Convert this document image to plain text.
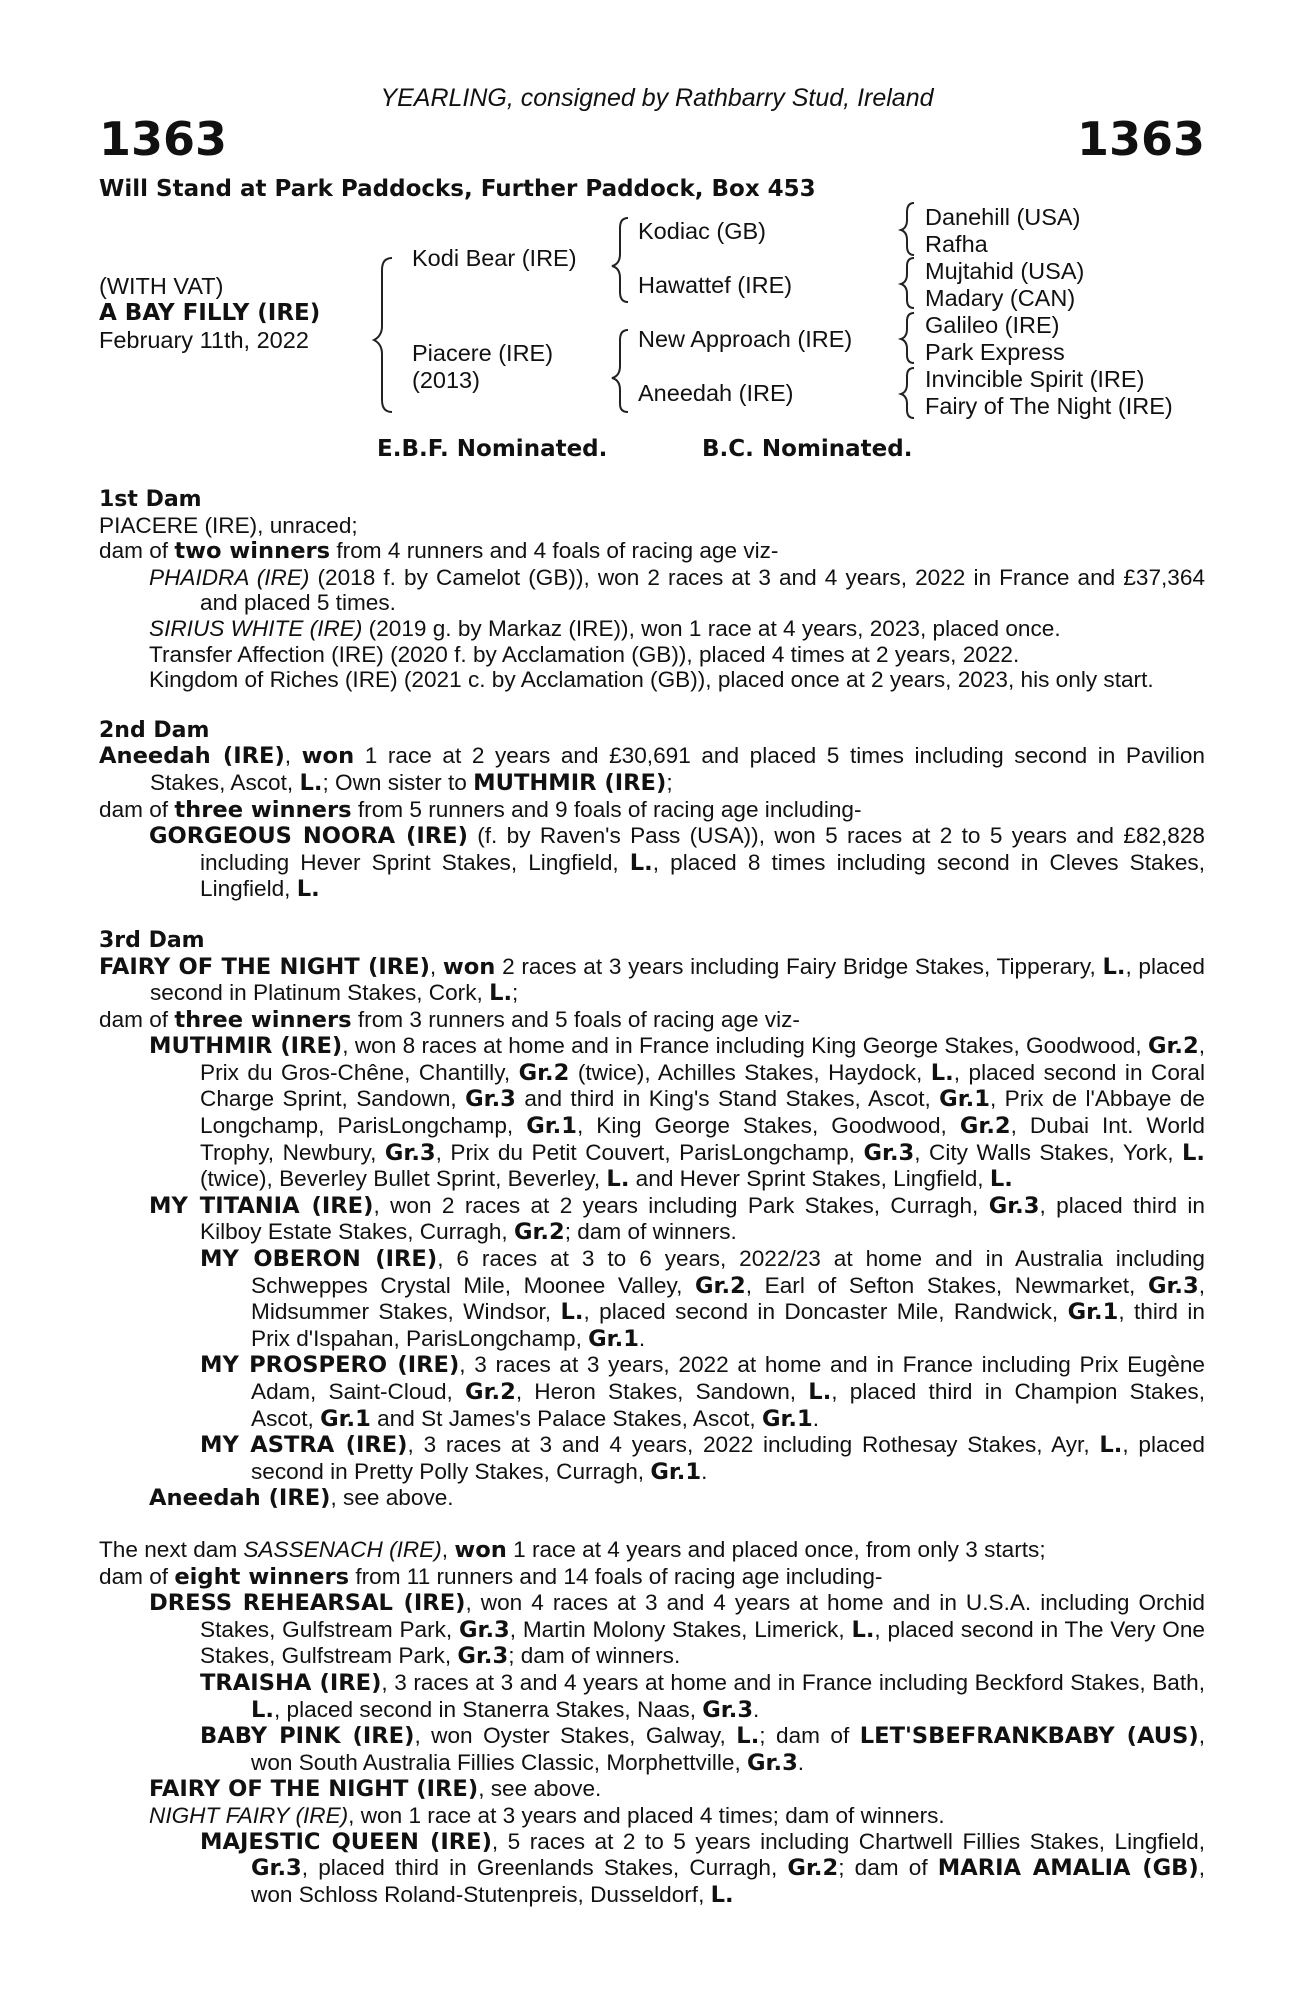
YEARLING, consigned by Rathbarry Stud, Ireland
1363	1363
Will Stand at Park Paddocks, Further Paddock, Box 453
(WITH VAT)
A BAY FILLY (IRE)
February 11th, 2022
Kodi Bear (IRE)
Piacere (IRE)
(2013)
Kodiac (GB)
Hawattef (IRE)
New Approach (IRE)
Aneedah (IRE)
Danehill (USA)
Rafha
Mujtahid (USA)
Madary (CAN)
Galileo (IRE)
Park Express
Invincible Spirit (IRE)
Fairy of The Night (IRE)
E.B.F. Nominated.	B.C. Nominated.
1st Dam

PIACERE (IRE), unraced;

dam of two winners from 4 runners and 4 foals of racing age viz-

PHAIDRA (IRE) (2018 f. by Camelot (GB)), won 2 races at 3 and 4 years, 2022 in France and £37,364 and placed 5 times.

SIRIUS WHITE (IRE) (2019 g. by Markaz (IRE)), won 1 race at 4 years, 2023, placed once.

Transfer Affection (IRE) (2020 f. by Acclamation (GB)), placed 4 times at 2 years, 2022.

Kingdom of Riches (IRE) (2021 c. by Acclamation (GB)), placed once at 2 years, 2023, his only start.

2nd Dam

Aneedah (IRE), won 1 race at 2 years and £30,691 and placed 5 times including second in Pavilion Stakes, Ascot, L.; Own sister to MUTHMIR (IRE);

dam of three winners from 5 runners and 9 foals of racing age including-

GORGEOUS NOORA (IRE) (f. by Raven's Pass (USA)), won 5 races at 2 to 5 years and £82,828 including Hever Sprint Stakes, Lingfield, L., placed 8 times including second in Cleves Stakes, Lingfield, L.

3rd Dam

FAIRY OF THE NIGHT (IRE), won 2 races at 3 years including Fairy Bridge Stakes, Tipperary, L., placed second in Platinum Stakes, Cork, L.;

dam of three winners from 3 runners and 5 foals of racing age viz-

MUTHMIR (IRE), won 8 races at home and in France including King George Stakes, Goodwood, Gr.2, Prix du Gros-Chêne, Chantilly, Gr.2 (twice), Achilles Stakes, Haydock, L., placed second in Coral Charge Sprint, Sandown, Gr.3 and third in King's Stand Stakes, Ascot, Gr.1, Prix de l'Abbaye de Longchamp, ParisLongchamp, Gr.1, King George Stakes, Goodwood, Gr.2, Dubai Int. World Trophy, Newbury, Gr.3, Prix du Petit Couvert, ParisLongchamp, Gr.3, City Walls Stakes, York, L. (twice), Beverley Bullet Sprint, Beverley, L. and Hever Sprint Stakes, Lingfield, L.

MY TITANIA (IRE), won 2 races at 2 years including Park Stakes, Curragh, Gr.3, placed third in Kilboy Estate Stakes, Curragh, Gr.2; dam of winners.

MY OBERON (IRE), 6 races at 3 to 6 years, 2022/23 at home and in Australia including Schweppes Crystal Mile, Moonee Valley, Gr.2, Earl of Sefton Stakes, Newmarket, Gr.3, Midsummer Stakes, Windsor, L., placed second in Doncaster Mile, Randwick, Gr.1, third in Prix d'Ispahan, ParisLongchamp, Gr.1.

MY PROSPERO (IRE), 3 races at 3 years, 2022 at home and in France including Prix Eugène Adam, Saint-Cloud, Gr.2, Heron Stakes, Sandown, L., placed third in Champion Stakes, Ascot, Gr.1 and St James's Palace Stakes, Ascot, Gr.1.

MY ASTRA (IRE), 3 races at 3 and 4 years, 2022 including Rothesay Stakes, Ayr, L., placed second in Pretty Polly Stakes, Curragh, Gr.1.

Aneedah (IRE), see above.

The next dam SASSENACH (IRE), won 1 race at 4 years and placed once, from only 3 starts;

dam of eight winners from 11 runners and 14 foals of racing age including-

DRESS REHEARSAL (IRE), won 4 races at 3 and 4 years at home and in U.S.A. including Orchid Stakes, Gulfstream Park, Gr.3, Martin Molony Stakes, Limerick, L., placed second in The Very One Stakes, Gulfstream Park, Gr.3; dam of winners.

TRAISHA (IRE), 3 races at 3 and 4 years at home and in France including Beckford Stakes, Bath, L., placed second in Stanerra Stakes, Naas, Gr.3.

BABY PINK (IRE), won Oyster Stakes, Galway, L.; dam of LET'SBEFRANKBABY (AUS), won South Australia Fillies Classic, Morphettville, Gr.3.

FAIRY OF THE NIGHT (IRE), see above.

NIGHT FAIRY (IRE), won 1 race at 3 years and placed 4 times; dam of winners.

MAJESTIC QUEEN (IRE), 5 races at 2 to 5 years including Chartwell Fillies Stakes, Lingfield, Gr.3, placed third in Greenlands Stakes, Curragh, Gr.2; dam of MARIA AMALIA (GB), won Schloss Roland-Stutenpreis, Dusseldorf, L.
